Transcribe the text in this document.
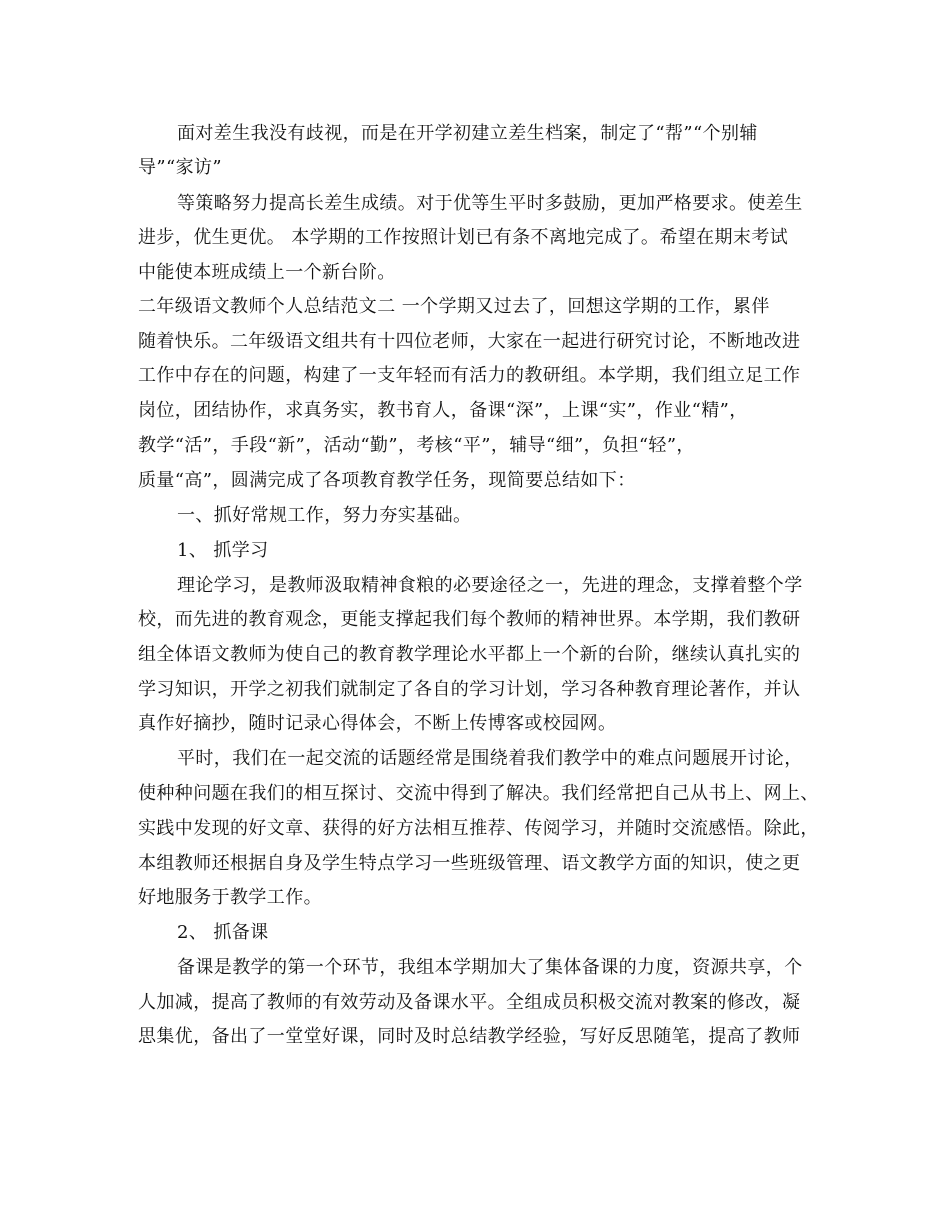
面对差生我没有歧视，而是在开学初建立差生档案，制定了“帮”“个别辅
导”“家访”
等策略努力提高长差生成绩。对于优等生平时多鼓励，更加严格要求。使差生
进步，优生更优。 本学期的工作按照计划已有条不离地完成了。希望在期末考试
中能使本班成绩上一个新台阶。
二年级语文教师个人总结范文二 一个学期又过去了，回想这学期的工作，累伴
随着快乐。二年级语文组共有十四位老师，大家在一起进行研究讨论，不断地改进
工作中存在的问题，构建了一支年轻而有活力的教研组。本学期，我们组立足工作
岗位，团结协作，求真务实，教书育人，备课“深”，上课“实”，作业“精”，
教学“活”，手段“新”，活动“勤”，考核“平”，辅导“细”，负担“轻”，
质量“高”，圆满完成了各项教育教学任务，现简要总结如下：
一、抓好常规工作，努力夯实基础。
1、 抓学习
理论学习，是教师汲取精神食粮的必要途径之一，先进的理念，支撑着整个学
校，而先进的教育观念，更能支撑起我们每个教师的精神世界。本学期，我们教研
组全体语文教师为使自己的教育教学理论水平都上一个新的台阶，继续认真扎实的
学习知识，开学之初我们就制定了各自的学习计划，学习各种教育理论著作，并认
真作好摘抄，随时记录心得体会，不断上传博客或校园网。
平时，我们在一起交流的话题经常是围绕着我们教学中的难点问题展开讨论，
使种种问题在我们的相互探讨、交流中得到了解决。我们经常把自己从书上、网上、
实践中发现的好文章、获得的好方法相互推荐、传阅学习，并随时交流感悟。除此，
本组教师还根据自身及学生特点学习一些班级管理、语文教学方面的知识，使之更
好地服务于教学工作。
2、 抓备课
备课是教学的第一个环节，我组本学期加大了集体备课的力度，资源共享，个
人加减，提高了教师的有效劳动及备课水平。全组成员积极交流对教案的修改，凝
思集优，备出了一堂堂好课，同时及时总结教学经验，写好反思随笔，提高了教师
